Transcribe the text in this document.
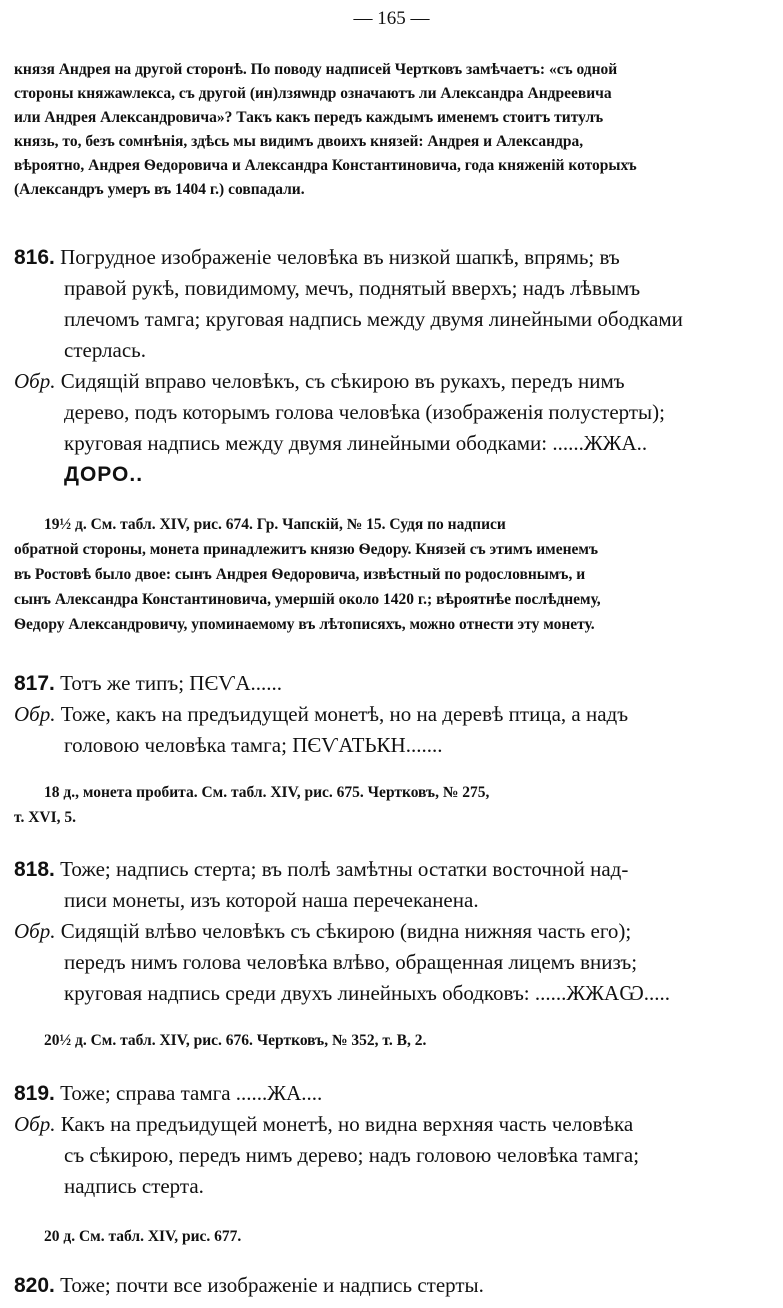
— 165 —
князя Андрея на другой сторонѣ. По поводу надписей Чертковъ замѣчаетъ: «съ одной
стороны княжаѡлекса, съ другой (ин)лзяѡндр означаютъ ли Александра Андреевича
или Андрея Александровича»? Такъ какъ передъ каждымъ именемъ стоитъ титулъ
князь, то, безъ сомнѣнія, здѣсь мы видимъ двоихъ князей: Андрея и Александра,
вѣроятно, Андрея Ѳедоровича и Александра Константиновича, года княженій которыхъ
(Александръ умеръ въ 1404 г.) совпадали.
816. Погрудное изображеніе человѣка въ низкой шапкѣ, впрямь; въ
правой рукѣ, повидимому, мечъ, поднятый вверхъ; надъ лѣвымъ
плечомъ тамга; круговая надпись между двумя линейными ободками стерлась.
Обр. Сидящій вправо человѣкъ, съ сѣкирою въ рукахъ, передъ нимъ
дерево, подъ которымъ голова человѣка (изображенія полустерты);
круговая надпись между двумя линейными ободками: ......ЖЖА..
ДОРО..
19½ д. См. табл. XIV, рис. 674. Гр. Чапскій, № 15. Судя по надписи
обратной стороны, монета принадлежитъ князю Ѳедору. Князей съ этимъ именемъ
въ Ростовѣ было двое: сынъ Андрея Ѳедоровича, извѣстный по родословнымъ, и
сынъ Александра Константиновича, умершій около 1420 г.; вѣроятнѣе послѣднему,
Ѳедору Александровичу, упоминаемому въ лѣтописяхъ, можно отнести эту монету.
817. Тотъ же типъ; ПЄѴА......
Обр. Тоже, какъ на предъидущей монетѣ, но на деревѣ птица, а надъ
головою человѣка тамга; ПЄѴАТЬКН.......
18 д., монета пробита. См. табл. XIV, рис. 675. Чертковъ, № 275,
т. XVI, 5.
818. Тоже; надпись стерта; въ полѣ замѣтны остатки восточной над-
писи монеты, изъ которой наша перечеканена.
Обр. Сидящій влѣво человѣкъ съ сѣкирою (видна нижняя часть его);
передъ нимъ голова человѣка влѣво, обращенная лицемъ внизъ;
круговая надпись среди двухъ линейныхъ ободковъ: ......ЖЖАѠ.....
20½ д. См. табл. XIV, рис. 676. Чертковъ, № 352, т. В, 2.
819. Тоже; справа тамга ......ЖА....
Обр. Какъ на предъидущей монетѣ, но видна верхняя часть человѣка
съ сѣкирою, передъ нимъ дерево; надъ головою человѣка тамга;
надпись стерта.
20 д. См. табл. XIV, рис. 677.
820. Тоже; почти все изображеніе и надпись стерты.
